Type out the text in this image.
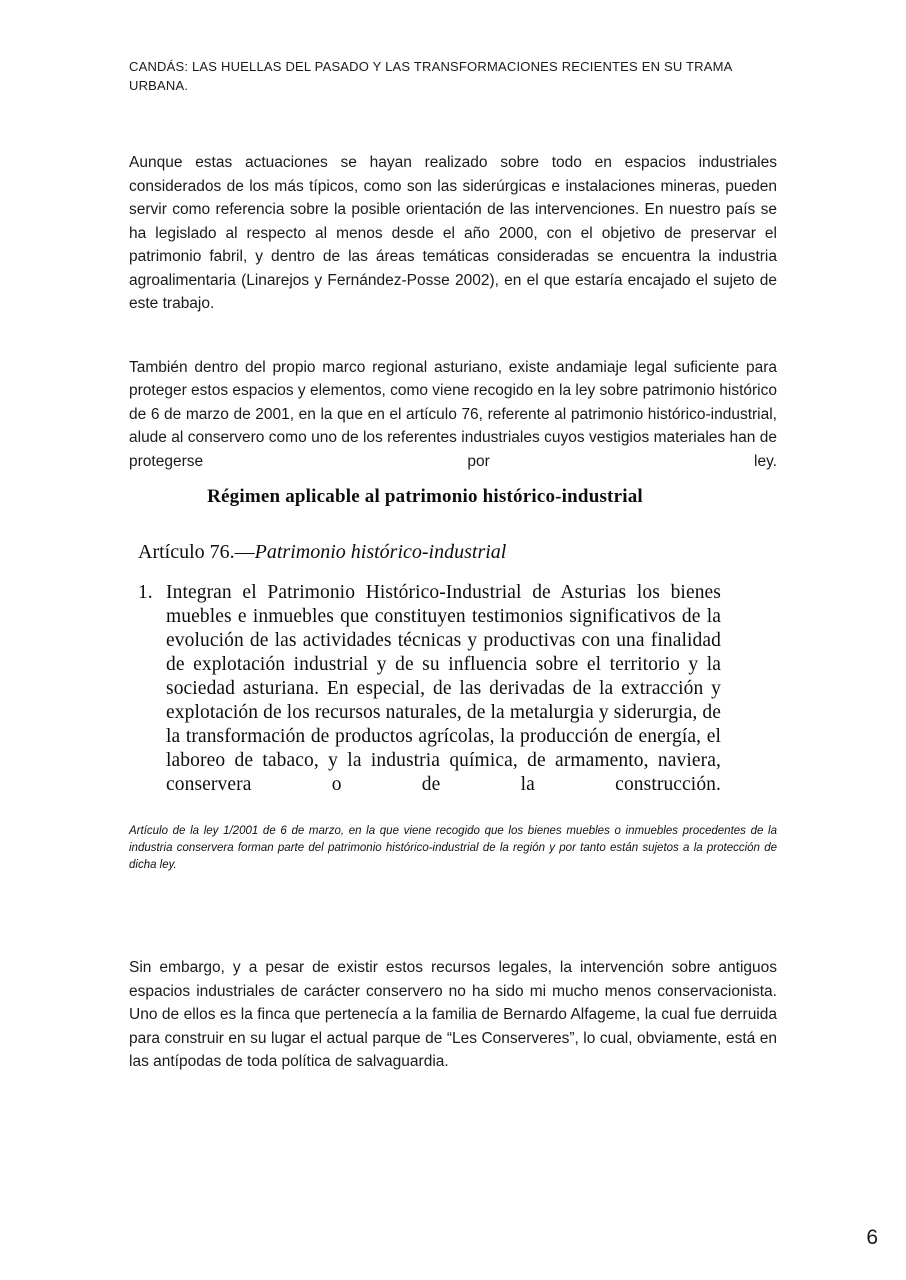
CANDÁS: LAS HUELLAS DEL PASADO Y LAS TRANSFORMACIONES RECIENTES EN SU TRAMA URBANA.

Aunque estas actuaciones se hayan realizado sobre todo en espacios industriales considerados de los más típicos, como son las siderúrgicas e instalaciones mineras, pueden servir como referencia sobre la posible orientación de las intervenciones. En nuestro país se ha legislado al respecto al menos desde el año 2000, con el objetivo de preservar el patrimonio fabril, y dentro de las áreas temáticas consideradas se encuentra la industria agroalimentaria (Linarejos y Fernández-Posse 2002), en el que estaría encajado el sujeto de este trabajo.

También dentro del propio marco regional asturiano, existe andamiaje legal suficiente para proteger estos espacios y elementos, como viene recogido en la ley sobre patrimonio histórico de 6 de marzo de 2001, en la que en el artículo 76, referente al patrimonio histórico-industrial, alude al conservero como uno de los referentes industriales cuyos vestigios materiales han de protegerse por ley.

Régimen aplicable al patrimonio histórico-industrial
Artículo 76.—Patrimonio histórico-industrial
1. Integran el Patrimonio Histórico-Industrial de Asturias los bienes muebles e inmuebles que constituyen testimonios significativos de la evolución de las actividades técnicas y productivas con una finalidad de explotación industrial y de su influencia sobre el territorio y la sociedad asturiana. En especial, de las derivadas de la extracción y explotación de los recursos naturales, de la metalurgia y siderurgia, de la transformación de productos agrícolas, la producción de energía, el laboreo de tabaco, y la industria química, de armamento, naviera, conservera o de la construcción.

Artículo de la ley 1/2001 de 6 de marzo, en la que viene recogido que los bienes muebles o inmuebles procedentes de la industria conservera forman parte del patrimonio histórico-industrial de la región y por tanto están sujetos a la protección de dicha ley.

Sin embargo, y a pesar de existir estos recursos legales, la intervención sobre antiguos espacios industriales de carácter conservero no ha sido mi mucho menos conservacionista. Uno de ellos es la finca que pertenecía a la familia de Bernardo Alfageme, la cual fue derruida para construir en su lugar el actual parque de “Les Conserveres”, lo cual, obviamente, está en las antípodas de toda política de salvaguardia.

6
